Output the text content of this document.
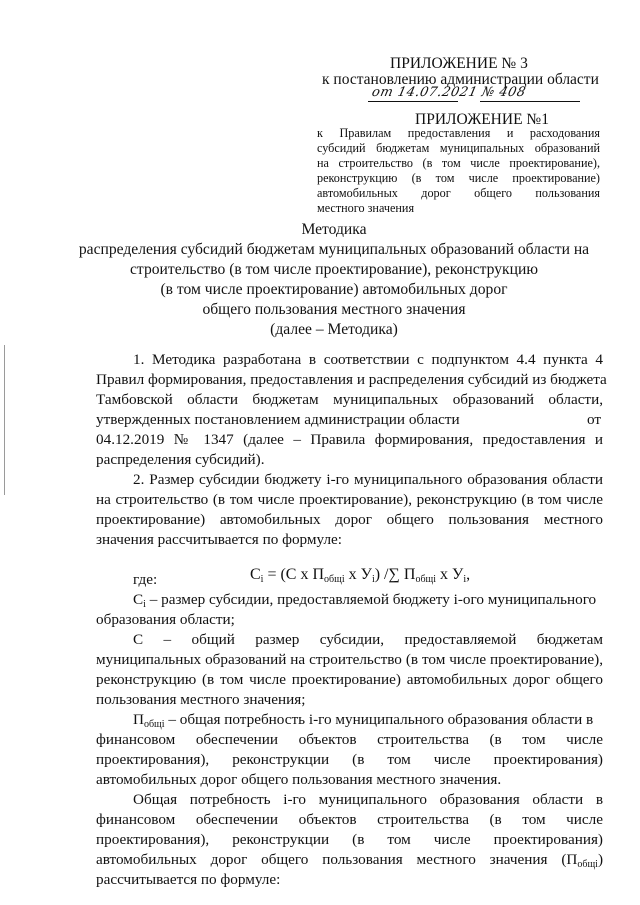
ПРИЛОЖЕНИЕ № 3
к постановлению администрации области
от 14.07.2021 № 408
ПРИЛОЖЕНИЕ №1
к Правилам предоставления и расходования
субсидий бюджетам муниципальных образований
на строительство (в том числе проектирование),
реконструкцию (в том числе проектирование)
автомобильных дорог общего пользования
местного значения
Методика
распределения субсидий бюджетам муниципальных образований области на
строительство (в том числе проектирование), реконструкцию
(в том числе проектирование) автомобильных дорог
общего пользования местного значения
(далее – Методика)
1. Методика разработана в соответствии с подпунктом 4.4 пункта 4
Правил формирования, предоставления и распределения субсидий из бюджета
Тамбовской области бюджетам муниципальных образований области,
утвержденных постановлением администрации области	от
04.12.2019 № 1347 (далее – Правила формирования, предоставления и
распределения субсидий).
2. Размер субсидии бюджету i-го муниципального образования области
на строительство (в том числе проектирование), реконструкцию (в том числе
проектирование) автомобильных дорог общего пользования местного
значения рассчитывается по формуле:
$С_i = (С$ х $П_{общi}$ х $У_i$) /∑ $П_{общi}$ х $У_i$,
где:
$С_i$ – размер субсидии, предоставляемой бюджету i-ого муниципального
образования области;
С – общий размер субсидии, предоставляемой бюджетам
муниципальных образований на строительство (в том числе проектирование),
реконструкцию (в том числе проектирование) автомобильных дорог общего
пользования местного значения;
$П_{общi}$ – общая потребность i-го муниципального образования области в
финансовом обеспечении объектов строительства (в том числе
проектирования), реконструкции (в том числе проектирования)
автомобильных дорог общего пользования местного значения.
Общая потребность i-го муниципального образования области в
финансовом обеспечении объектов строительства (в том числе
проектирования), реконструкции (в том числе проектирования)
автомобильных дорог общего пользования местного значения (П $_{общi}$)
рассчитывается по формуле:
